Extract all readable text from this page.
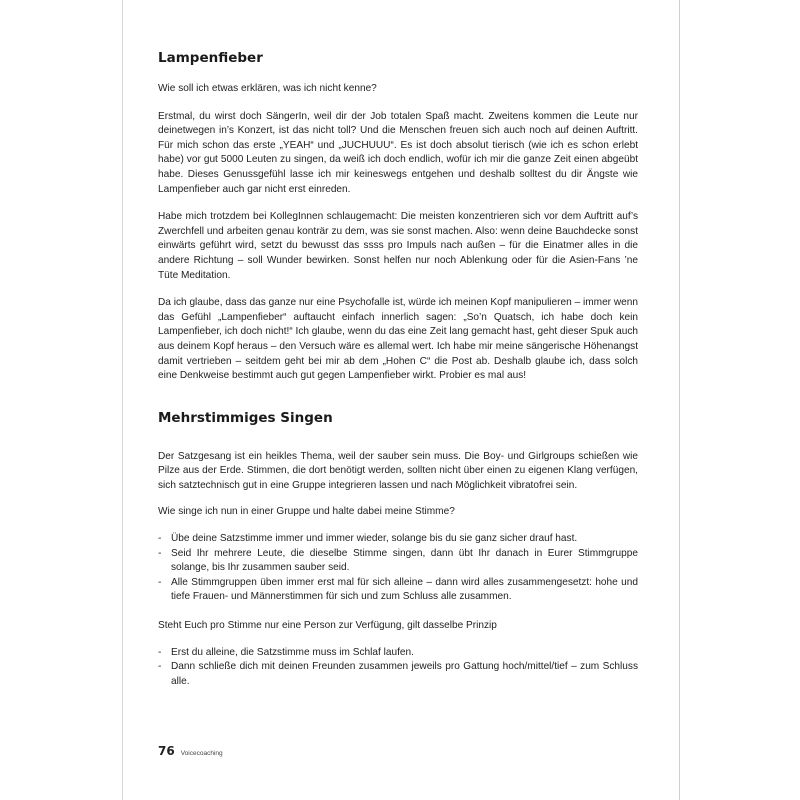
Lampenfieber

Wie soll ich etwas erklären, was ich nicht kenne?

Erstmal, du wirst doch SängerIn, weil dir der Job totalen Spaß macht. Zweitens kommen die Leute nur deinetwegen in’s Konzert, ist das nicht toll? Und die Menschen freuen sich auch noch auf deinen Auftritt. Für mich schon das erste „YEAH“ und „JUCHUUU“. Es ist doch absolut tierisch (wie ich es schon erlebt habe) vor gut 5000 Leuten zu singen, da weiß ich doch endlich, wofür ich mir die ganze Zeit einen abgeübt habe. Dieses Genussgefühl lasse ich mir keineswegs entgehen und deshalb solltest du dir Ängste wie Lampenfieber auch gar nicht erst einreden.

Habe mich trotzdem bei KollegInnen schlaugemacht: Die meisten konzentrieren sich vor dem Auftritt auf’s Zwerchfell und arbeiten genau konträr zu dem, was sie sonst machen. Also: wenn deine Bauchdecke sonst einwärts geführt wird, setzt du bewusst das ssss pro Impuls nach außen – für die Einatmer alles in die andere Richtung – soll Wunder bewirken. Sonst helfen nur noch Ablenkung oder für die Asien-Fans ’ne Tüte Meditation.

Da ich glaube, dass das ganze nur eine Psychofalle ist, würde ich meinen Kopf manipulieren – immer wenn das Gefühl „Lampenfieber“ auftaucht einfach innerlich sagen: „So’n Quatsch, ich habe doch kein Lampenfieber, ich doch nicht!“ Ich glaube, wenn du das eine Zeit lang gemacht hast, geht dieser Spuk auch aus deinem Kopf heraus – den Versuch wäre es allemal wert. Ich habe mir meine sängerische Höhenangst damit vertrieben – seitdem geht bei mir ab dem „Hohen C“ die Post ab. Deshalb glaube ich, dass solch eine Denkweise bestimmt auch gut gegen Lampenfieber wirkt. Probier es mal aus!

Mehrstimmiges Singen

Der Satzgesang ist ein heikles Thema, weil der sauber sein muss. Die Boy- und Girlgroups schießen wie Pilze aus der Erde. Stimmen, die dort benötigt werden, sollten nicht über einen zu eigenen Klang verfügen, sich satztechnisch gut in eine Gruppe integrieren lassen und nach Möglichkeit vibratofrei sein.

Wie singe ich nun in einer Gruppe und halte dabei meine Stimme?

- Übe deine Satzstimme immer und immer wieder, solange bis du sie ganz sicher drauf hast.
- Seid Ihr mehrere Leute, die dieselbe Stimme singen, dann übt Ihr danach in Eurer Stimmgruppe solange, bis Ihr zusammen sauber seid.
- Alle Stimmgruppen üben immer erst mal für sich alleine – dann wird alles zusammengesetzt: hohe und tiefe Frauen- und Männerstimmen für sich und zum Schluss alle zusammen.

Steht Euch pro Stimme nur eine Person zur Verfügung, gilt dasselbe Prinzip

- Erst du alleine, die Satzstimme muss im Schlaf laufen.
- Dann schließe dich mit deinen Freunden zusammen jeweils pro Gattung hoch/mittel/tief – zum Schluss alle.
76 Voicecoaching
